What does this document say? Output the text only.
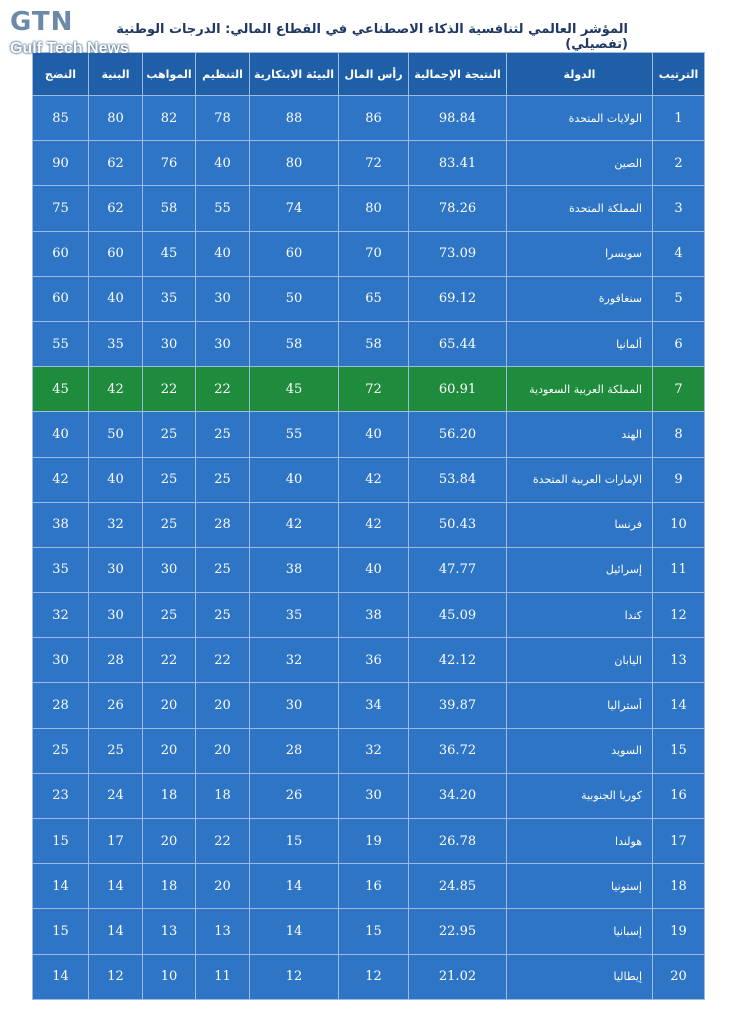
GTN
Gulf Tech News
المؤشر العالمي لتنافسية الذكاء الاصطناعي في القطاع المالي: الدرجات الوطنية (تفصيلي)
الترتيب	الدولة	النتيجة الإجمالية	رأس المال	البيئة الابتكارية	التنظيم	المواهب	البنية	النضج
1	الولايات المتحدة	98.84	86	88	78	82	80	85
2	الصين	83.41	72	80	40	76	62	90
3	المملكة المتحدة	78.26	80	74	55	58	62	75
4	سويسرا	73.09	70	60	40	45	60	60
5	سنغافورة	69.12	65	50	30	35	40	60
6	ألمانيا	65.44	58	58	30	30	35	55
7	المملكة العربية السعودية	60.91	72	45	22	22	42	45
8	الهند	56.20	40	55	25	25	50	40
9	الإمارات العربية المتحدة	53.84	42	40	25	25	40	42
10	فرنسا	50.43	42	42	28	25	32	38
11	إسرائيل	47.77	40	38	25	30	30	35
12	كندا	45.09	38	35	25	25	30	32
13	اليابان	42.12	36	32	22	22	28	30
14	أستراليا	39.87	34	30	20	20	26	28
15	السويد	36.72	32	28	20	20	25	25
16	كوريا الجنوبية	34.20	30	26	18	18	24	23
17	هولندا	26.78	19	15	22	20	17	15
18	إستونيا	24.85	16	14	20	18	14	14
19	إسبانيا	22.95	15	14	13	13	14	15
20	إيطاليا	21.02	12	12	11	10	12	14
